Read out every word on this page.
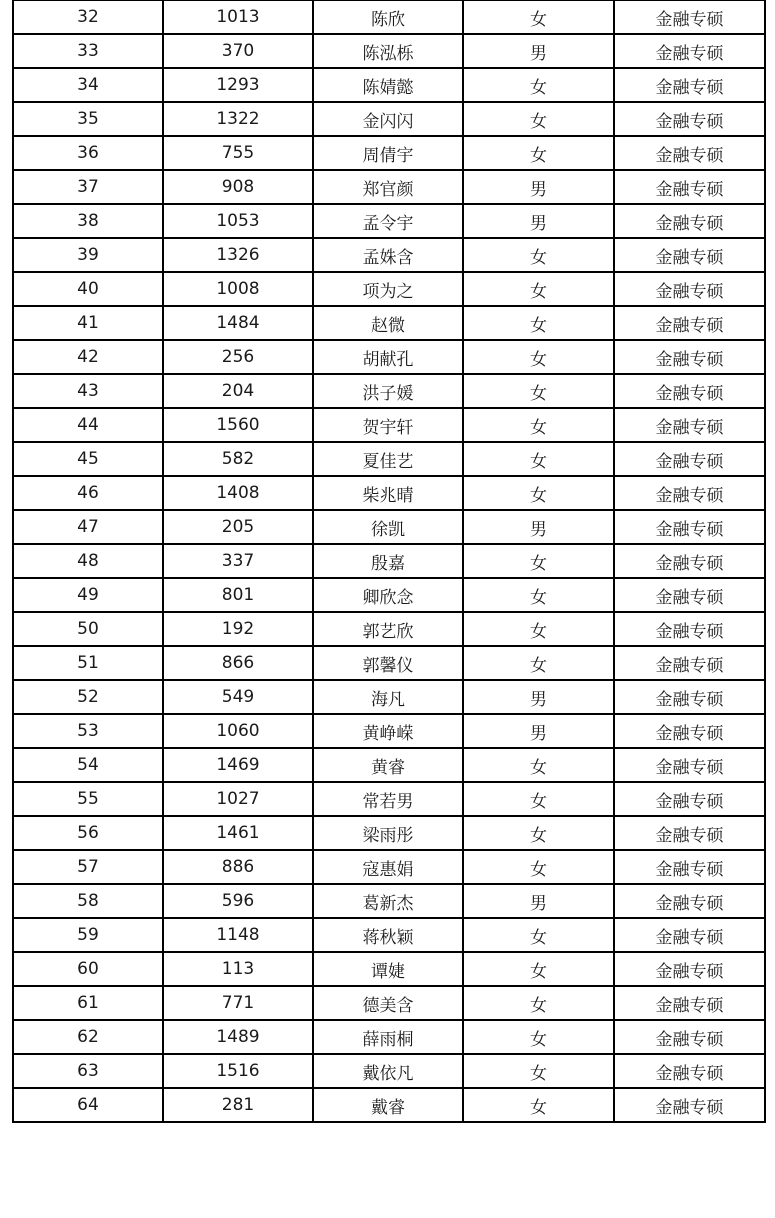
32	1013	陈欣	女	金融专硕
33	370	陈泓栎	男	金融专硕
34	1293	陈婧懿	女	金融专硕
35	1322	金闪闪	女	金融专硕
36	755	周倩宇	女	金融专硕
37	908	郑官颜	男	金融专硕
38	1053	孟令宇	男	金融专硕
39	1326	孟姝含	女	金融专硕
40	1008	项为之	女	金融专硕
41	1484	赵微	女	金融专硕
42	256	胡献孔	女	金融专硕
43	204	洪子媛	女	金融专硕
44	1560	贺宇轩	女	金融专硕
45	582	夏佳艺	女	金融专硕
46	1408	柴兆晴	女	金融专硕
47	205	徐凯	男	金融专硕
48	337	殷嘉	女	金融专硕
49	801	卿欣念	女	金融专硕
50	192	郭艺欣	女	金融专硕
51	866	郭馨仪	女	金融专硕
52	549	海凡	男	金融专硕
53	1060	黄峥嵘	男	金融专硕
54	1469	黄睿	女	金融专硕
55	1027	常若男	女	金融专硕
56	1461	梁雨彤	女	金融专硕
57	886	寇惠娟	女	金融专硕
58	596	葛新杰	男	金融专硕
59	1148	蒋秋颖	女	金融专硕
60	113	谭婕	女	金融专硕
61	771	德美含	女	金融专硕
62	1489	薛雨桐	女	金融专硕
63	1516	戴依凡	女	金融专硕
64	281	戴睿	女	金融专硕
